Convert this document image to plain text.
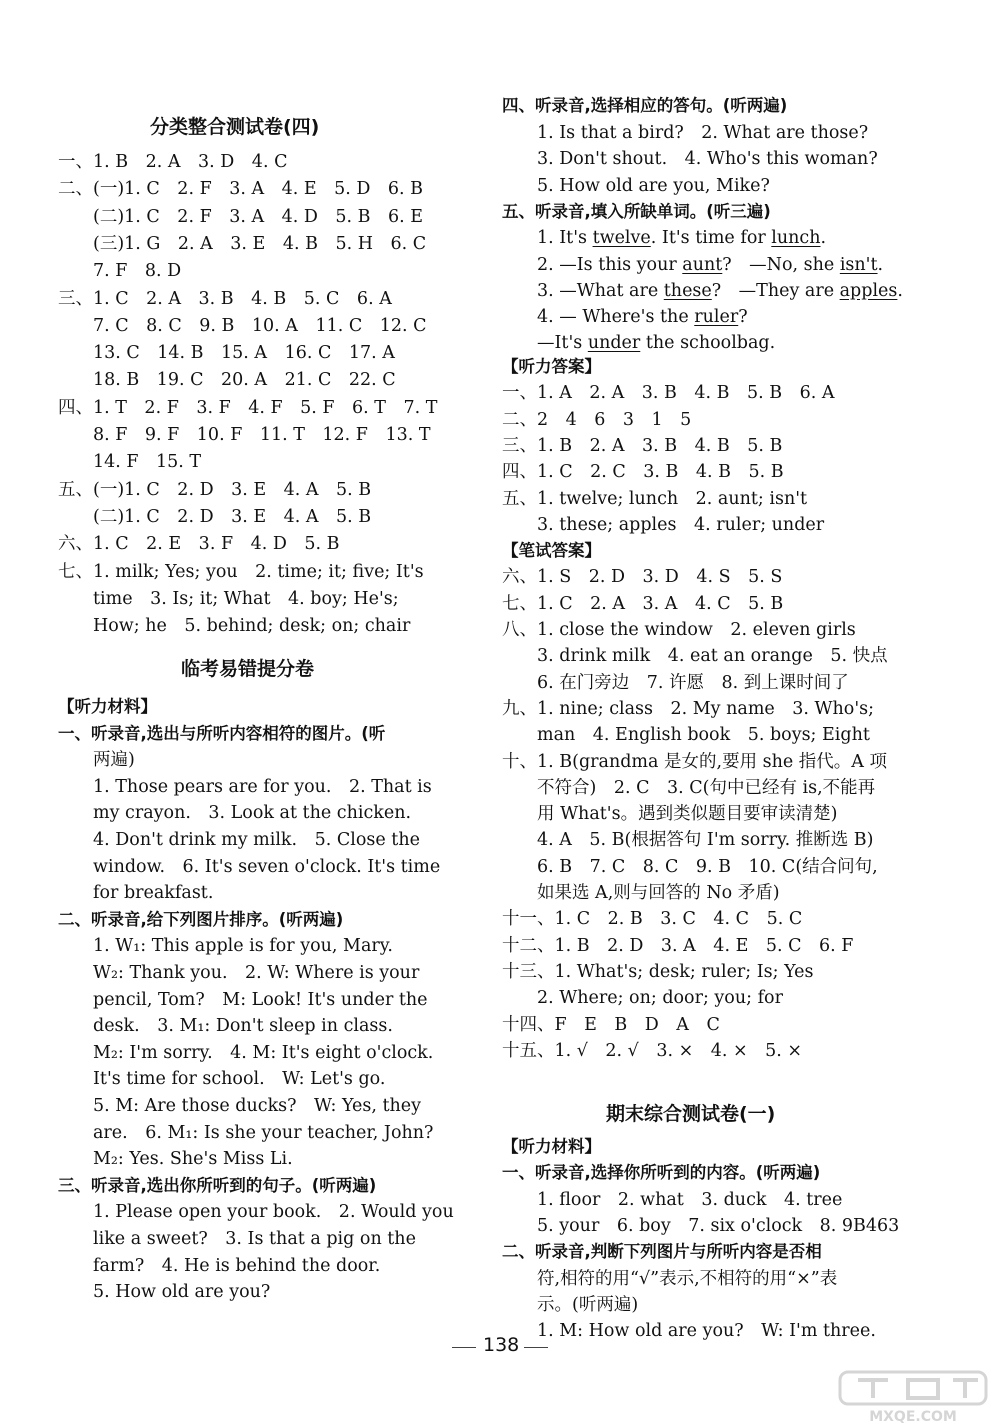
分类整合测试卷(四)
一、1. B　2. A　3. D　4. C
二、(一)1. C　2. F　3. A　4. E　5. D　6. B
　　(二)1. C　2. F　3. A　4. D　5. B　6. E
　　(三)1. G　2. A　3. E　4. B　5. H　6. C
　　7. F　8. D
三、1. C　2. A　3. B　4. B　5. C　6. A
　　7. C　8. C　9. B　10. A　11. C　12. C
　　13. C　14. B　15. A　16. C　17. A
　　18. B　19. C　20. A　21. C　22. C
四、1. T　2. F　3. F　4. F　5. F　6. T　7. T
　　8. F　9. F　10. F　11. T　12. F　13. T
　　14. F　15. T
五、(一)1. C　2. D　3. E　4. A　5. B
　　(二)1. C　2. D　3. E　4. A　5. B
六、1. C　2. E　3. F　4. D　5. B
七、1. milk; Yes; you　2. time; it; five; It's
　　time　3. Is; it; What　4. boy; He's;
　　How; he　5. behind; desk; on; chair
临考易错提分卷
【听力材料】
一、听录音,选出与所听内容相符的图片。(听
　　两遍)
　　1. Those pears are for you.　2. That is
　　my crayon.　3. Look at the chicken.
　　4. Don't drink my milk.　5. Close the
　　window.　6. It's seven o'clock. It's time
　　for breakfast.
二、听录音,给下列图片排序。(听两遍)
　　1. W₁: This apple is for you, Mary.
　　W₂: Thank you.　2. W: Where is your
　　pencil, Tom?　M: Look! It's under the
　　desk.　3. M₁: Don't sleep in class.
　　M₂: I'm sorry.　4. M: It's eight o'clock.
　　It's time for school.　W: Let's go.
　　5. M: Are those ducks?　W: Yes, they
　　are.　6. M₁: Is she your teacher, John?
　　M₂: Yes. She's Miss Li.
三、听录音,选出你所听到的句子。(听两遍)
　　1. Please open your book.　2. Would you
　　like a sweet?　3. Is that a pig on the
　　farm?　4. He is behind the door.
　　5. How old are you?
四、听录音,选择相应的答句。(听两遍)
　　1. Is that a bird?　2. What are those?
　　3. Don't shout.　4. Who's this woman?
　　5. How old are you, Mike?
五、听录音,填入所缺单词。(听三遍)
　　1. It's twelve. It's time for lunch.
　　2. —Is this your aunt?　—No, she isn't.
　　3. —What are these?　—They are apples.
　　4. — Where's the ruler?
　　—It's under the schoolbag.
【听力答案】
一、1. A　2. A　3. B　4. B　5. B　6. A
二、2　4　6　3　1　5
三、1. B　2. A　3. B　4. B　5. B
四、1. C　2. C　3. B　4. B　5. B
五、1. twelve; lunch　2. aunt; isn't
　　3. these; apples　4. ruler; under
【笔试答案】
六、1. S　2. D　3. D　4. S　5. S
七、1. C　2. A　3. A　4. C　5. B
八、1. close the window　2. eleven girls
　　3. drink milk　4. eat an orange　5. 快点
　　6. 在门旁边　7. 许愿　8. 到上课时间了
九、1. nine; class　2. My name　3. Who's;
　　man　4. English book　5. boys; Eight
十、1. B(grandma 是女的,要用 she 指代。A 项
　　不符合)　2. C　3. C(句中已经有 is,不能再
　　用 What's。遇到类似题目要审读清楚)
　　4. A　5. B(根据答句 I'm sorry. 推断选 B)
　　6. B　7. C　8. C　9. B　10. C(结合问句,
　　如果选 A,则与回答的 No 矛盾)
十一、1. C　2. B　3. C　4. C　5. C
十二、1. B　2. D　3. A　4. E　5. C　6. F
十三、1. What's; desk; ruler; Is; Yes
　　2. Where; on; door; you; for
十四、F　E　B　D　A　C
十五、1. √　2. √　3. ×　4. ×　5. ×
期末综合测试卷(一)
【听力材料】
一、听录音,选择你所听到的内容。(听两遍)
　　1. floor　2. what　3. duck　4. tree
　　5. your　6. boy　7. six o'clock　8. 9B463
二、听录音,判断下列图片与所听内容是否相
　　符,相符的用“√”表示,不相符的用“×”表
　　示。(听两遍)
　　1. M: How old are you?　W: I'm three.
138
MXQE.COM
